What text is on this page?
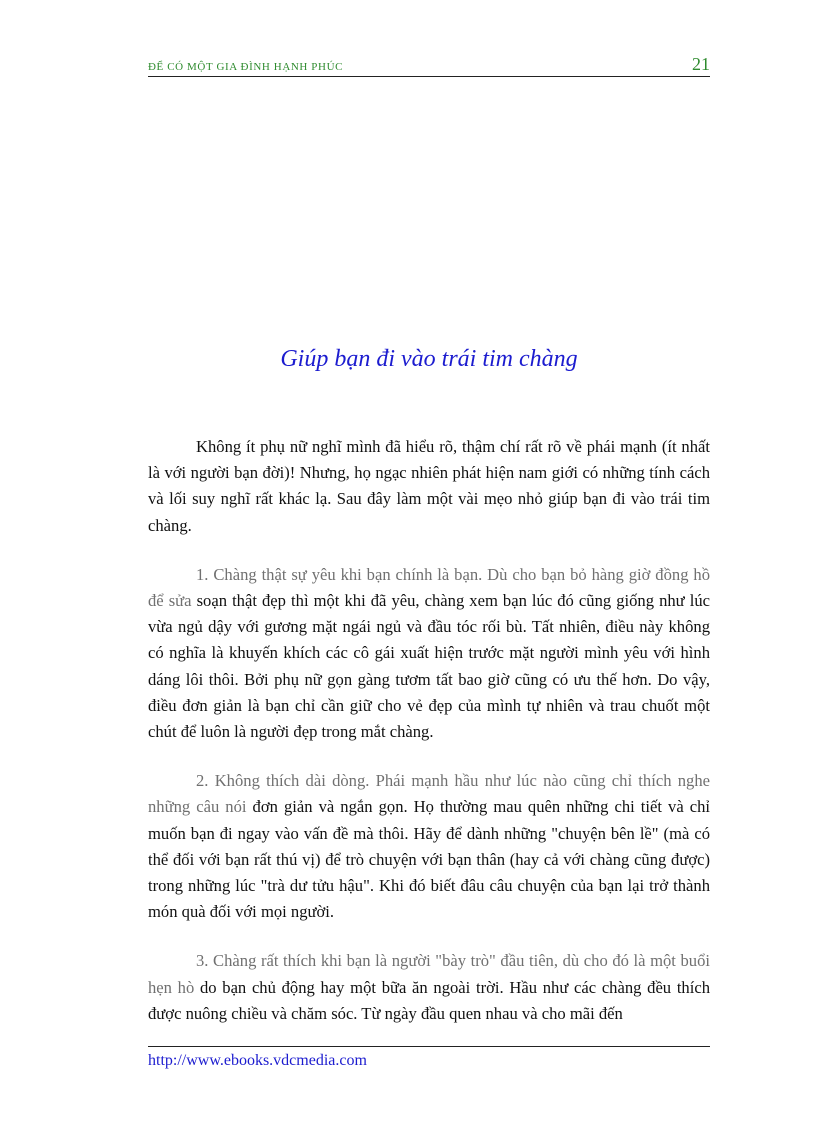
ĐỂ CÓ MỘT GIA ĐÌNH HẠNH PHÚC	21
Giúp bạn đi vào trái tim chàng

Không ít phụ nữ nghĩ mình đã hiểu rõ, thậm chí rất rõ về phái mạnh (ít nhất là với người bạn đời)! Nhưng, họ ngạc nhiên phát hiện nam giới có những tính cách và lối suy nghĩ rất khác lạ. Sau đây làm một vài mẹo nhỏ giúp bạn đi vào trái tim chàng.

1. Chàng thật sự yêu khi bạn chính là bạn. Dù cho bạn bỏ hàng giờ đồng hồ để sửa soạn thật đẹp thì một khi đã yêu, chàng xem bạn lúc đó cũng giống như lúc vừa ngủ dậy với gương mặt ngái ngủ và đầu tóc rối bù. Tất nhiên, điều này không có nghĩa là khuyến khích các cô gái xuất hiện trước mặt người mình yêu với hình dáng lôi thôi. Bởi phụ nữ gọn gàng tươm tất bao giờ cũng có ưu thế hơn. Do vậy, điều đơn giản là bạn chỉ cần giữ cho vẻ đẹp của mình tự nhiên và trau chuốt một chút để luôn là người đẹp trong mắt chàng.

2. Không thích dài dòng. Phái mạnh hầu như lúc nào cũng chỉ thích nghe những câu nói đơn giản và ngắn gọn. Họ thường mau quên những chi tiết và chỉ muốn bạn đi ngay vào vấn đề mà thôi. Hãy để dành những "chuyện bên lề" (mà có thể đối với bạn rất thú vị) để trò chuyện với bạn thân (hay cả với chàng cũng được) trong những lúc "trà dư tửu hậu". Khi đó biết đâu câu chuyện của bạn lại trở thành món quà đối với mọi người.

3. Chàng rất thích khi bạn là người "bày trò" đầu tiên, dù cho đó là một buổi hẹn hò do bạn chủ động hay một bữa ăn ngoài trời. Hầu như các chàng đều thích được nuông chiều và chăm sóc. Từ ngày đầu quen nhau và cho mãi đến

http://www.ebooks.vdcmedia.com
